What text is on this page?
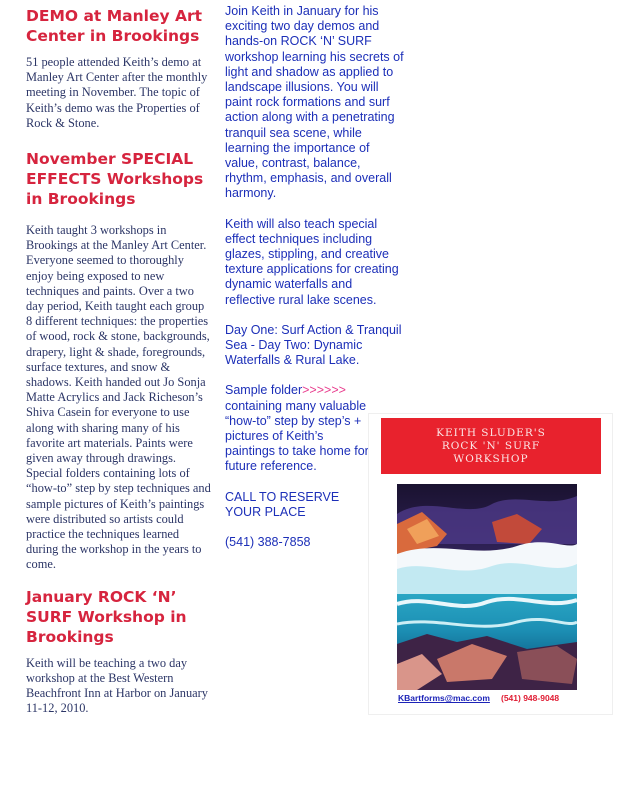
DEMO at Manley Art Center in Brookings

51 people attended Keith’s demo at Manley Art Center after the monthly meeting in November. The topic of Keith’s demo was the Properties of Rock & Stone.

November SPECIAL EFFECTS Workshops in Brookings

Keith taught 3 workshops in Brookings at the Manley Art Center. Everyone seemed to thoroughly enjoy being exposed to new techniques and paints. Over a two day period, Keith taught each group 8 different techniques: the properties of wood, rock & stone, backgrounds, drapery, light & shade, foregrounds, surface textures, and snow & shadows. Keith handed out Jo Sonja Matte Acrylics and Jack Richeson’s Shiva Casein for everyone to use along with sharing many of his favorite art materials. Paints were given away through drawings. Special folders containing lots of “how-to” step by step techniques and sample pictures of Keith’s paintings were distributed so artists could practice the techniques learned during the workshop in the years to come.

January ROCK ‘N’ SURF Workshop in Brookings

Keith will be teaching a two day workshop at the Best Western Beachfront Inn at Harbor on January 11-12, 2010.

Join Keith in January for his exciting two day demos and hands-on ROCK ‘N’ SURF workshop learning his secrets of light and shadow as applied to landscape illusions. You will paint rock formations and surf action along with a penetrating tranquil sea scene, while learning the importance of value, contrast, balance, rhythm, emphasis, and overall harmony.

Keith will also teach special effect techniques including glazes, stippling, and creative texture applications for creating dynamic waterfalls and reflective rural lake scenes.

Day One: Surf Action & Tranquil Sea - Day Two: Dynamic Waterfalls & Rural Lake.

Sample folder>>>>>> containing many valuable “how-to” step by step’s + pictures of Keith’s paintings to take home for future reference.

CALL TO RESERVE YOUR PLACE

(541) 388-7858

KEITH SLUDER'S
ROCK 'N' SURF
WORKSHOP
KBartforms@mac.com (541) 948-9048
